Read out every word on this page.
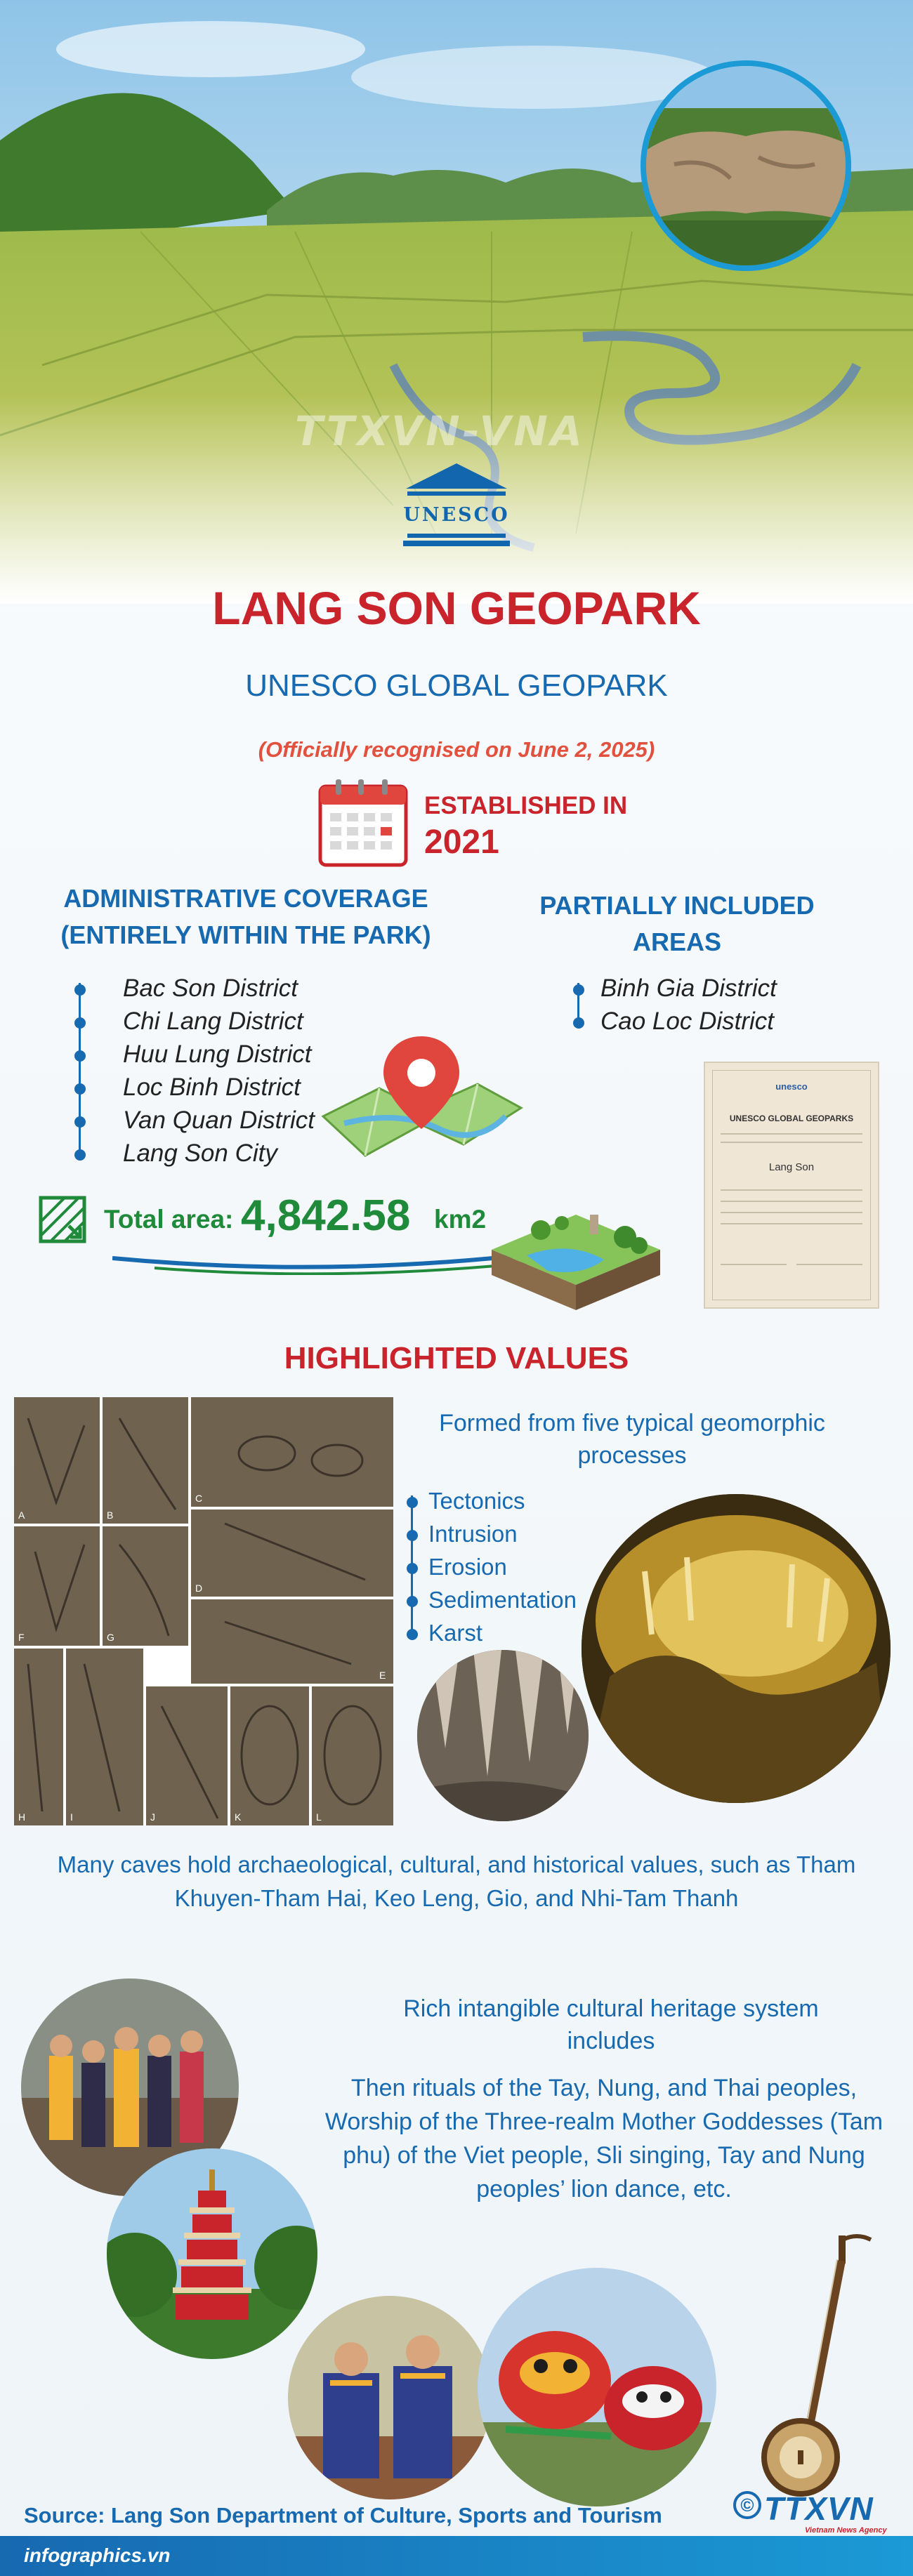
TTXVN-VNA
UNESCO
LANG SON GEOPARK
UNESCO GLOBAL GEOPARK
(Officially recognised on June 2, 2025)
ESTABLISHED IN
2021
ADMINISTRATIVE COVERAGE
(ENTIRELY WITHIN THE PARK)
PARTIALLY INCLUDED AREAS
Bac Son District
Chi Lang District
Huu Lung District
Loc Binh District
Van Quan District
Lang Son City
Binh Gia District
Cao Loc District
unesco
UNESCO GLOBAL GEOPARKS
Lang Son
Total area: 4,842.58 km2
HIGHLIGHTED VALUES
A	B
C
D
E
F	G
H	I	J	K	L
Formed from five typical geomorphic processes
Tectonics
Intrusion
Erosion
Sedimentation
Karst
Many caves hold archaeological, cultural, and historical values, such as Tham Khuyen-Tham Hai, Keo Leng, Gio, and Nhi-Tam Thanh
Rich intangible cultural heritage system includes
Then rituals of the Tay, Nung, and Thai peoples, Worship of the Three-realm Mother Goddesses (Tam phu) of the Viet people, Sli singing, Tay and Nung peoples’ lion dance, etc.
Source: Lang Son Department of Culture, Sports and Tourism	© TTXVN
Vietnam News Agency
infographics.vn
